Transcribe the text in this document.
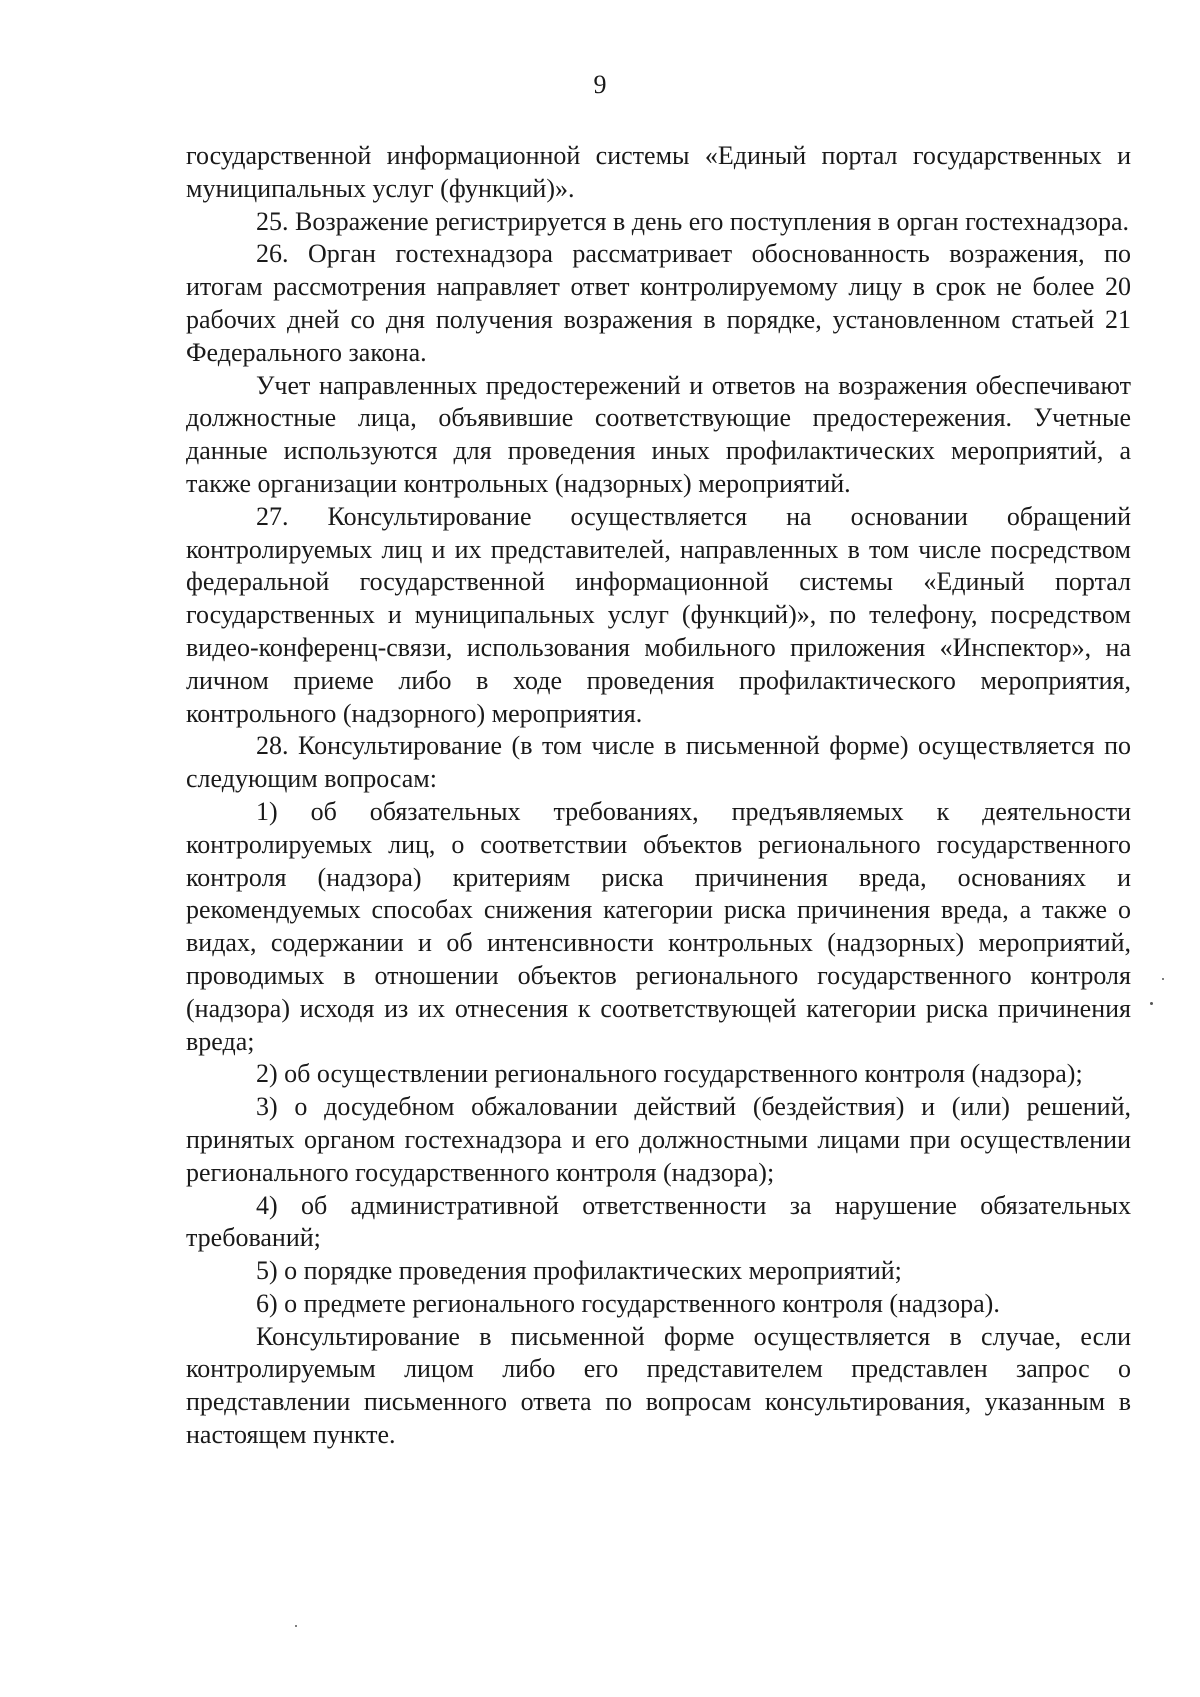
9

государственной информационной системы «Единый портал государственных и муниципальных услуг (функций)».

25. Возражение регистрируется в день его поступления в орган гостехнадзора.

26. Орган гостехнадзора рассматривает обоснованность возражения, по итогам рассмотрения направляет ответ контролируемому лицу в срок не более 20 рабочих дней со дня получения возражения в порядке, установленном статьей 21 Федерального закона.

Учет направленных предостережений и ответов на возражения обеспечивают должностные лица, объявившие соответствующие предостережения. Учетные данные используются для проведения иных профилактических мероприятий, а также организации контрольных (надзорных) мероприятий.

27. Консультирование осуществляется на основании обращений контролируемых лиц и их представителей, направленных в том числе посредством федеральной государственной информационной системы «Единый портал государственных и муниципальных услуг (функций)», по телефону, посредством видео-конференц-связи, использования мобильного приложения «Инспектор», на личном приеме либо в ходе проведения профилактического мероприятия, контрольного (надзорного) мероприятия.

28. Консультирование (в том числе в письменной форме) осуществляется по следующим вопросам:

1) об обязательных требованиях, предъявляемых к деятельности контролируемых лиц, о соответствии объектов регионального государственного контроля (надзора) критериям риска причинения вреда, основаниях и рекомендуемых способах снижения категории риска причинения вреда, а также о видах, содержании и об интенсивности контрольных (надзорных) мероприятий, проводимых в отношении объектов регионального государственного контроля (надзора) исходя из их отнесения к соответствующей категории риска причинения вреда;

2) об осуществлении регионального государственного контроля (надзора);

3) о досудебном обжаловании действий (бездействия) и (или) решений, принятых органом гостехнадзора и его должностными лицами при осуществлении регионального государственного контроля (надзора);

4) об административной ответственности за нарушение обязательных требований;

5) о порядке проведения профилактических мероприятий;

6) о предмете регионального государственного контроля (надзора).

Консультирование в письменной форме осуществляется в случае, если контролируемым лицом либо его представителем представлен запрос о представлении письменного ответа по вопросам консультирования, указанным в настоящем пункте.
